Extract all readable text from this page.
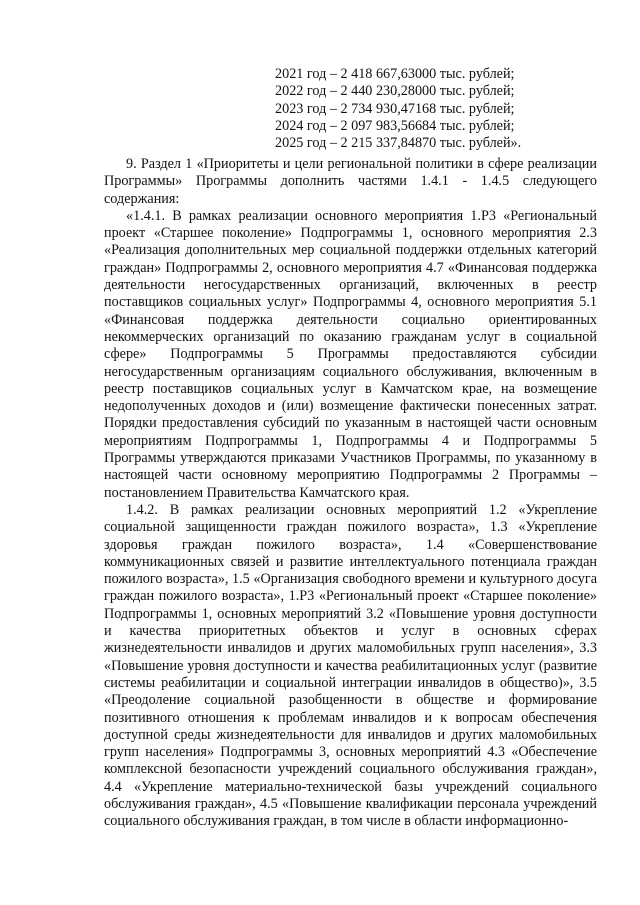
2021 год – 2 418 667,63000 тыс. рублей;
2022 год – 2 440 230,28000 тыс. рублей;
2023 год – 2 734 930,47168 тыс. рублей;
2024 год – 2 097 983,56684 тыс. рублей;
2025 год – 2 215 337,84870 тыс. рублей».

9. Раздел 1 «Приоритеты и цели региональной политики в сфере реализации Программы» Программы дополнить частями 1.4.1 - 1.4.5 следующего содержания:

«1.4.1. В рамках реализации основного мероприятия 1.Р3 «Региональный проект «Старшее поколение» Подпрограммы 1, основного мероприятия 2.3 «Реализация дополнительных мер социальной поддержки отдельных категорий граждан» Подпрограммы 2, основного мероприятия 4.7 «Финансовая поддержка деятельности негосударственных организаций, включенных в реестр поставщиков социальных услуг» Подпрограммы 4, основного мероприятия 5.1 «Финансовая поддержка деятельности социально ориентированных некоммерческих организаций по оказанию гражданам услуг в социальной сфере» Подпрограммы 5 Программы предоставляются субсидии негосударственным организациям социального обслуживания, включенным в реестр поставщиков социальных услуг в Камчатском крае, на возмещение недополученных доходов и (или) возмещение фактически понесенных затрат. Порядки предоставления субсидий по указанным в настоящей части основным мероприятиям Подпрограммы 1, Подпрограммы 4 и Подпрограммы 5 Программы утверждаются приказами Участников Программы, по указанному в настоящей части основному мероприятию Подпрограммы 2 Программы – постановлением Правительства Камчатского края.

1.4.2. В рамках реализации основных мероприятий 1.2 «Укрепление социальной защищенности граждан пожилого возраста», 1.3 «Укрепление здоровья граждан пожилого возраста», 1.4 «Совершенствование коммуникационных связей и развитие интеллектуального потенциала граждан пожилого возраста», 1.5 «Организация свободного времени и культурного досуга граждан пожилого возраста», 1.Р3 «Региональный проект «Старшее поколение» Подпрограммы 1, основных мероприятий 3.2 «Повышение уровня доступности и качества приоритетных объектов и услуг в основных сферах жизнедеятельности инвалидов и других маломобильных групп населения», 3.3 «Повышение уровня доступности и качества реабилитационных услуг (развитие системы реабилитации и социальной интеграции инвалидов в общество)», 3.5 «Преодоление социальной разобщенности в обществе и формирование позитивного отношения к проблемам инвалидов и к вопросам обеспечения доступной среды жизнедеятельности для инвалидов и других маломобильных групп населения» Подпрограммы 3, основных мероприятий 4.3 «Обеспечение комплексной безопасности учреждений социального обслуживания граждан», 4.4 «Укрепление материально-технической базы учреждений социального обслуживания граждан», 4.5 «Повышение квалификации персонала учреждений социального обслуживания граждан, в том числе в области информационно-
